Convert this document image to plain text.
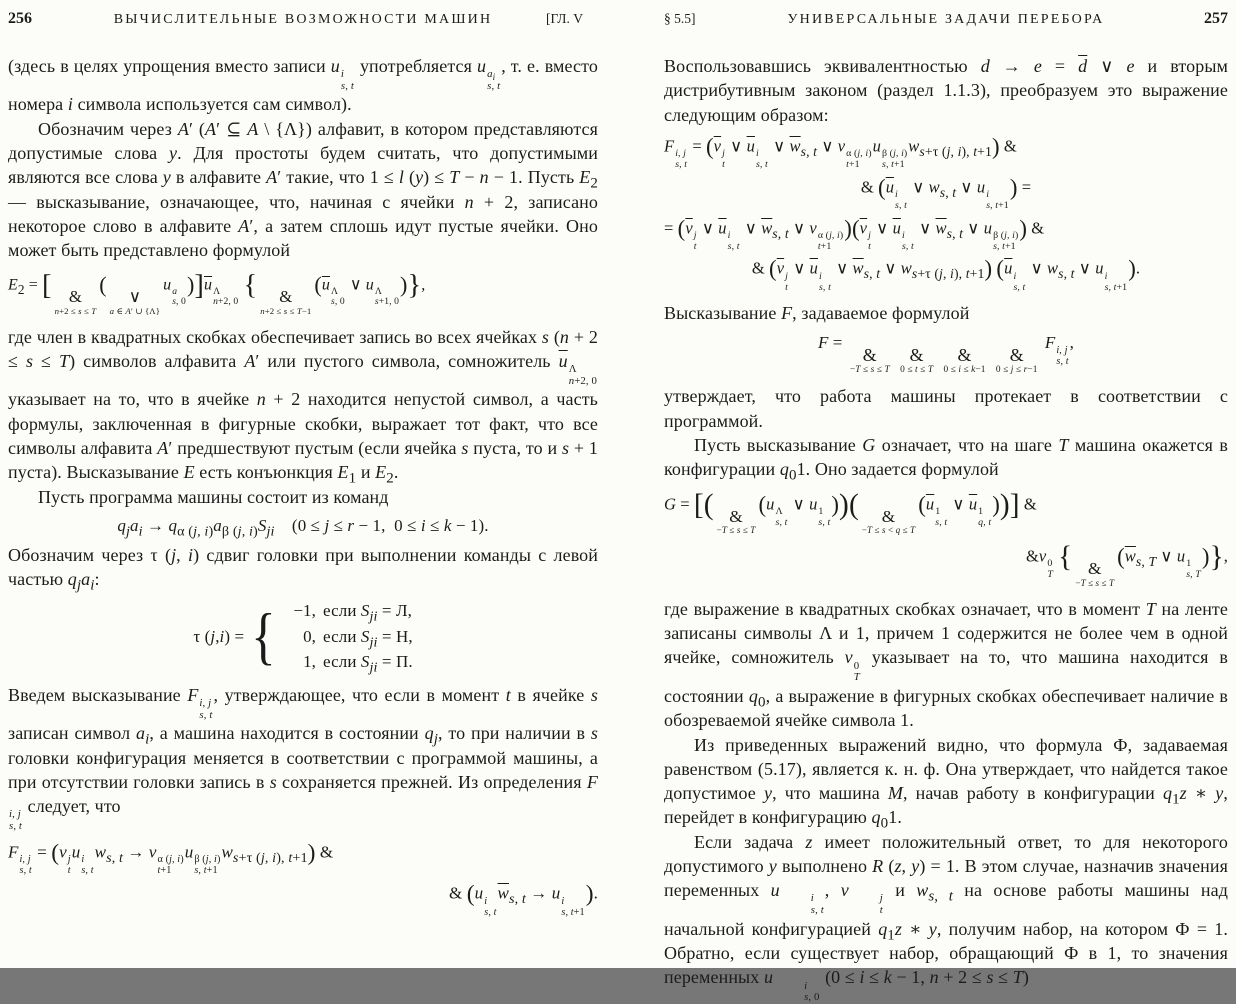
256	ВЫЧИСЛИТЕЛЬНЫЕ ВОЗМОЖНОСТИ МАШИН	[ГЛ. V

(здесь в целях упрощения вместо записи u i
s, t
употребляется u $a_i$
s, t
, т. е. вместо номера i символа используется сам символ).

Обозначим через A′ (A′ ⊆ A \ {Λ}) алфавит, в котором представляются допустимые слова y. Для простоты будем считать, что допустимыми являются все слова y в алфавите A′ такие, что 1 ≤ l (y) ≤ T − n − 1. Пусть $E_2$ — высказывание, означающее, что, начиная с ячейки n + 2, записано некоторое слово в алфавите A′, а затем сплошь идут пустые ячейки. Оно может быть представлено формулой

$E_2$ = [ &
n+2 ≤ s ≤ T
( ∨
a ∈ A′ ∪ {Λ}
u a
s, 0
)]$\overline{u}$ Λ
n+2, 0
{ &
n+2 ≤ s ≤ T−1
($\overline{u}$ Λ
s, 0
∨ u Λ
s+1, 0
)},

где член в квадратных скобках обеспечивает запись во всех ячейках s (n + 2 ≤ s ≤ T) символов алфавита A′ или пустого символа, сомножитель $\overline{u}$ Λ
n+2, 0
указывает на то, что в ячейке n + 2 находится непустой символ, а часть формулы, заключенная в фигурные скобки, выражает тот факт, что все символы алфавита A′ предшествуют пустым (если ячейка s пуста, то и s + 1 пуста). Высказывание E есть конъюнкция $E_1$ и $E_2$.

Пусть программа машины состоит из команд

$q_ja_i \to q_{\alpha (j, i)}a_{\beta (j, i)}S_{ji}$    (0 ≤ j ≤ r − 1,  0 ≤ i ≤ k − 1).

Обозначим через τ (j, i) сдвиг головки при выполнении команды с левой частью $q_ja_i$:

τ ( j , i ) = {	−1, если $S_{ji} = Л$,
0, если $S_{ji} = Н$,
1, если $S_{ji} = П$.

Введем высказывание F i, j
s, t
, утверждающее, что если в момент t в ячейке s записан символ $a_i$, а машина находится в состоянии $q_j$, то при наличии в s головки конфигурация меняется в соответствии с программой машины, а при отсутствии головки запись в s сохраняется прежней. Из определения F
i, j
s, t
следует, что

F i, j
s, t
= (v j
t
u i
s, t
$w_{s, t} \to v$ α (j, i)
t+1
u β (j, i)
s, t+1
$w_{s+\tau (j, i), t+1}$) &
& (u i
s, t
$\overline{w}_{s, t} \to u$ i
s, t+1
).
§ 5.5]	УНИВЕРСАЛЬНЫЕ ЗАДАЧИ ПЕРЕБОРА	257

Воспользовавшись эквивалентностью $d \to e = \overline{d}$ ∨ e и вторым дистрибутивным законом (раздел 1.1.3), преобразуем это выражение следующим образом:

F i, j
s, t
= ($\overline{v}$ j
t
∨ $\overline{u}$ i
s, t
∨ $\overline{w}_{s, t}$ ∨ v α (j, i)
t+1
u β (j, i)
s, t+1
$w_{s+\tau (j, i), t+1}$) &
& ($\overline{u}$ i
s, t
∨ $w_{s, t}$ ∨ u i
s, t+1
) =
= ($\overline{v}$ j
t
∨ $\overline{u}$ i
s, t
∨ $\overline{w}_{s, t}$ ∨ v α (j, i)
t+1
)($\overline{v}$ j
t
∨ $\overline{u}$ i
s, t
∨ $\overline{w}_{s, t}$ ∨ u β (j, i)
s, t+1
) &
& ($\overline{v}$ j
t
∨ $\overline{u}$ i
s, t
∨ $\overline{w}_{s, t}$ ∨ $w_{s+\tau (j, i), t+1}$) ($\overline{u}$ i
s, t
∨ $w_{s, t}$ ∨ u i
s, t+1
).

Высказывание F, задаваемое формулой

F =
&
−T ≤ s ≤ T

&
0 ≤ t ≤ T

&
0 ≤ i ≤ k−1

&
0 ≤ j ≤ r−1
F i, j
s, t
,

утверждает, что работа машины протекает в соответствии с программой.

Пусть высказывание G означает, что на шаге T машина окажется в конфигурации $q_01$. Оно задается формулой

G = [( &
−T ≤ s ≤ T
(u Λ
s, t
∨ u 1
s, t
))( &
−T ≤ s < q ≤ T
($\overline{u}$ 1
s, t
∨ $\overline{u}$ 1
q, t
))] &
&v 0
T
{ &
−T ≤ s ≤ T
($\overline{w}_{s, T}$ ∨ u 1
s, T
)},

где выражение в квадратных скобках означает, что в момент T на ленте записаны символы Λ и 1, причем 1 содержится не более чем в одной ячейке, сомножитель v 0
T
указывает на то, что машина находится в состоянии $q_0$, а выражение в фигурных скобках обеспечивает наличие в обозреваемой ячейке символа 1.

Из приведенных выражений видно, что формула Ф, задаваемая равенством (5.17), является к. н. ф. Она утверждает, что найдется такое допустимое y, что машина M, начав работу в конфигурации $q_1z$ ∗ y, перейдет в конфигурацию $q_01$.

Если задача z имеет положительный ответ, то для некоторого допустимого y выполнено R (z, y) = 1. В этом случае, назначив значения переменных u	i
s, t
, v	j
t
и $w_{s, t}$ на основе работы машины над начальной конфигурацией $q_1z$ ∗ y, получим набор, на котором Ф = 1. Обратно, если существует набор, обращающий Ф в 1, то значения переменных u	i
s, 0
(0 ≤ i ≤ k − 1, n + 2 ≤ s ≤ T)
